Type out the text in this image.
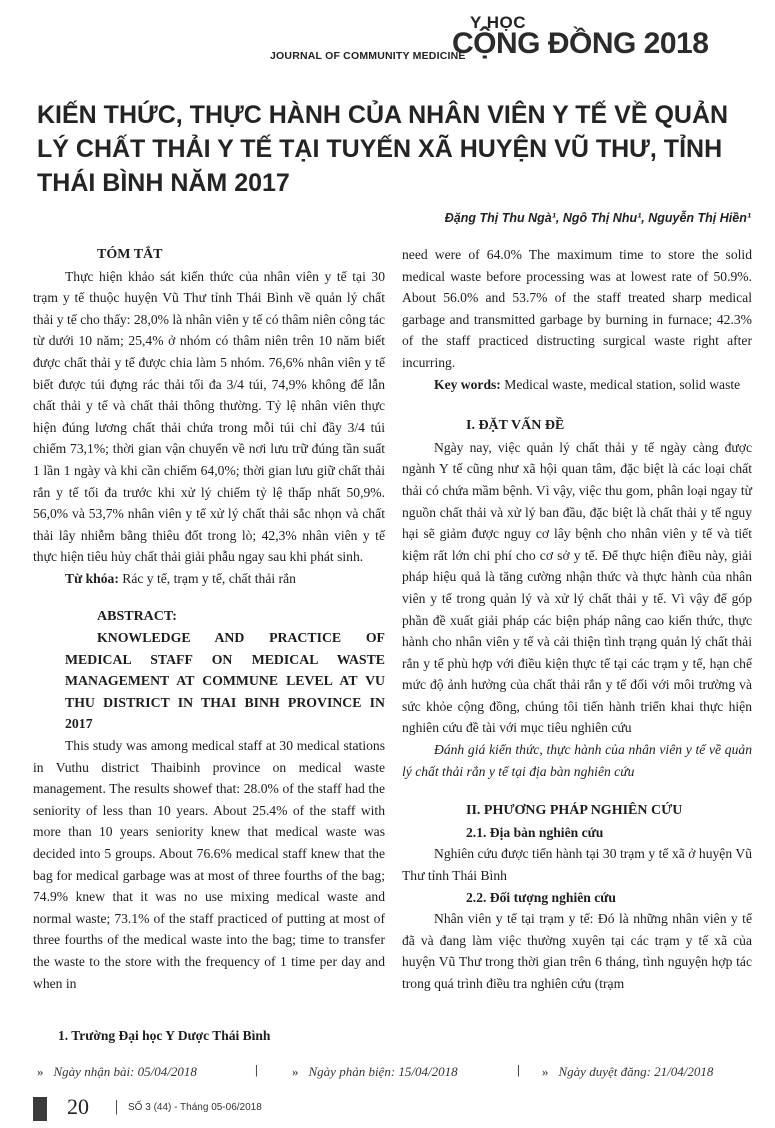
JOURNAL OF COMMUNITY MEDICINE
Y HỌC
CỘNG ĐỒNG 2018
KIẾN THỨC, THỰC HÀNH CỦA NHÂN VIÊN Y TẾ VỀ QUẢN LÝ CHẤT THẢI Y TẾ TẠI TUYẾN XÃ HUYỆN VŨ THƯ, TỈNH THÁI BÌNH NĂM 2017
Đặng Thị Thu Ngà¹, Ngô Thị Nhu¹, Nguyễn Thị Hiền¹

TÓM TẮT

Thực hiện khảo sát kiến thức của nhân viên y tế tại 30 trạm y tế thuộc huyện Vũ Thư tỉnh Thái Bình về quản lý chất thải y tế cho thấy: 28,0% là nhân viên y tế có thâm niên công tác từ dưới 10 năm; 25,4% ở nhóm có thâm niên trên 10 năm biết được chất thải y tế được chia làm 5 nhóm. 76,6% nhân viên y tế biết được túi đựng rác thải tối đa 3/4 túi, 74,9% không để lẫn chất thải y tế và chất thải thông thường. Tỷ lệ nhân viên thực hiện đúng lương chất thải chứa trong mỗi túi chỉ đầy 3/4 túi chiếm 73,1%; thời gian vận chuyển về nơi lưu trữ đúng tần suất 1 lần 1 ngày và khi cần chiếm 64,0%; thời gian lưu giữ chất thải rắn y tế tối đa trước khi xử lý chiếm tỷ lệ thấp nhất 50,9%. 56,0% và 53,7% nhân viên y tế xử lý chất thải sắc nhọn và chất thải lây nhiễm bằng thiêu đốt trong lò; 42,3% nhân viên y tế thực hiện tiêu hủy chất thải giải phẫu ngay sau khi phát sinh.

Từ khóa: Rác y tế, trạm y tế, chất thải rắn

ABSTRACT:

KNOWLEDGE AND PRACTICE OF MEDICAL STAFF ON MEDICAL WASTE MANAGEMENT AT COMMUNE LEVEL AT VU THU DISTRICT IN THAI BINH PROVINCE IN 2017

This study was among medical staff at 30 medical stations in Vuthu district Thaibinh province on medical waste management. The results showef that: 28.0% of the staff had the seniority of less than 10 years. About 25.4% of the staff with more than 10 years seniority knew that medical waste was decided into 5 groups. About 76.6% medical staff knew that the bag for medical garbage was at most of three fourths of the bag; 74.9% knew that it was no use mixing medical waste and normal waste; 73.1% of the staff practiced of putting at most of three fourths of the medical waste into the bag; time to transfer the waste to the store with the frequency of 1 time per day and when in

need were of 64.0% The maximum time to store the solid medical waste before processing was at lowest rate of 50.9%. About 56.0% and 53.7% of the staff treated sharp medical garbage and transmitted garbage by burning in furnace; 42.3% of the staff practiced distructing surgical waste right after incurring.

Key words: Medical waste, medical station, solid waste

I. ĐẶT VẤN ĐỀ

Ngày nay, việc quản lý chất thải y tế ngày càng được ngành Y tế cũng như xã hội quan tâm, đặc biệt là các loại chất thải có chứa mầm bệnh. Vì vậy, việc thu gom, phân loại ngay từ nguồn chất thải và xử lý ban đầu, đặc biệt là chất thải y tế nguy hại sẽ giảm được nguy cơ lây bệnh cho nhân viên y tế và tiết kiệm rất lớn chi phí cho cơ sở y tế. Để thực hiện điều này, giải pháp hiệu quả là tăng cường nhận thức và thực hành của nhân viên y tế trong quản lý và xử lý chất thải y tế. Vì vậy để góp phần đề xuất giải pháp các biện pháp nâng cao kiến thức, thực hành cho nhân viên y tế và cải thiện tình trạng quản lý chất thải rắn y tế phù hợp với điều kiện thực tế tại các trạm y tế, hạn chế mức độ ảnh hưởng của chất thải rắn y tế đối với môi trường và sức khỏe cộng đồng, chúng tôi tiến hành triển khai thực hiện nghiên cứu đề tài với mục tiêu nghiên cứu

Đánh giá kiến thức, thực hành của nhân viên y tế về quản lý chất thải rắn y tế tại địa bàn nghiên cứu

II. PHƯƠNG PHÁP NGHIÊN CỨU

2.1. Địa bàn nghiên cứu

Nghiên cứu được tiến hành tại 30 trạm y tế xã ở huyện Vũ Thư tỉnh Thái Bình

2.2. Đối tượng nghiên cứu

Nhân viên y tế tại trạm y tế: Đó là những nhân viên y tế đã và đang làm việc thường xuyên tại các trạm y tế xã của huyện Vũ Thư trong thời gian trên 6 tháng, tình nguyện hợp tác trong quá trình điều tra nghiên cứu (trạm

1. Trường Đại học Y Dược Thái Bình
» Ngày nhận bài: 05/04/2018	|	» Ngày phản biện: 15/04/2018	| » Ngày duyệt đăng: 21/04/2018
20 | SỐ 3 (44) - Tháng 05-06/2018
